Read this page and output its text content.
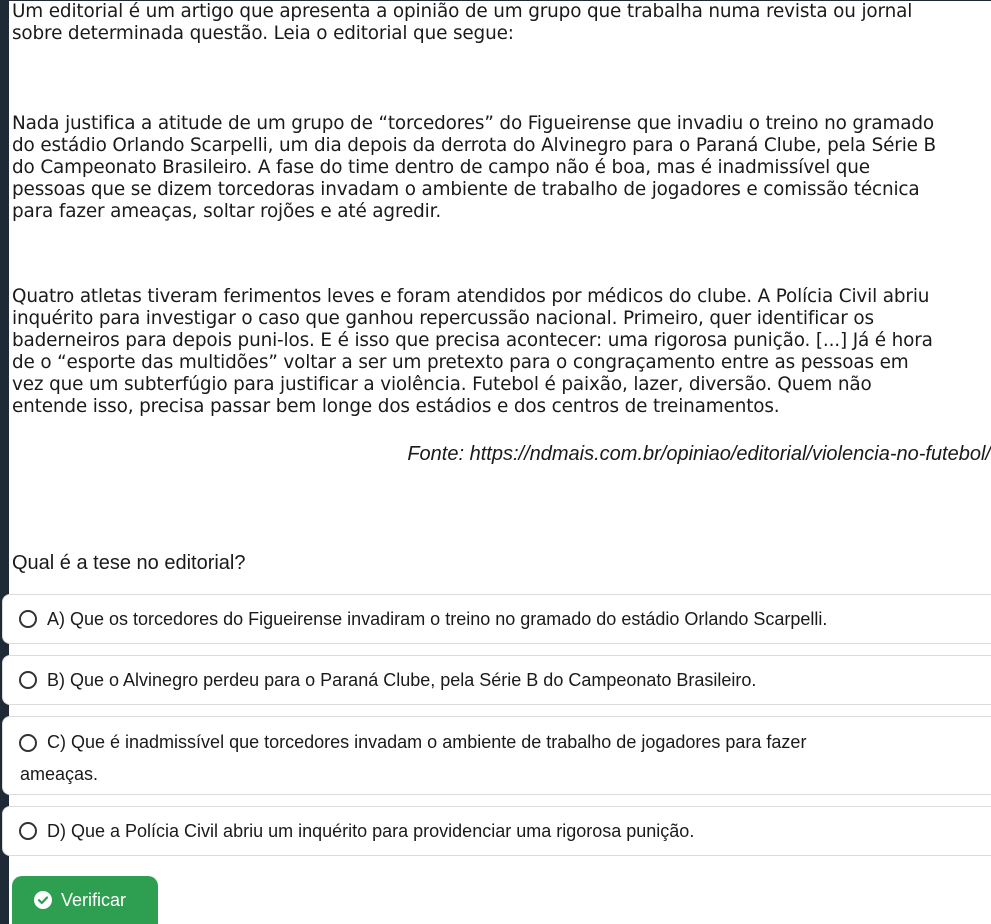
Um editorial é um artigo que apresenta a opinião de um grupo que trabalha numa revista ou jornal
sobre determinada questão. Leia o editorial que segue:
Nada justifica a atitude de um grupo de “torcedores” do Figueirense que invadiu o treino no gramado
do estádio Orlando Scarpelli, um dia depois da derrota do Alvinegro para o Paraná Clube, pela Série B
do Campeonato Brasileiro. A fase do time dentro de campo não é boa, mas é inadmissível que
pessoas que se dizem torcedoras invadam o ambiente de trabalho de jogadores e comissão técnica
para fazer ameaças, soltar rojões e até agredir.
Quatro atletas tiveram ferimentos leves e foram atendidos por médicos do clube. A Polícia Civil abriu
inquérito para investigar o caso que ganhou repercussão nacional. Primeiro, quer identificar os
baderneiros para depois puni-los. E é isso que precisa acontecer: uma rigorosa punição. [...] Já é hora
de o “esporte das multidões” voltar a ser um pretexto para o congraçamento entre as pessoas em
vez que um subterfúgio para justificar a violência. Futebol é paixão, lazer, diversão. Quem não
entende isso, precisa passar bem longe dos estádios e dos centros de treinamentos.
Fonte: https://ndmais.com.br/opiniao/editorial/violencia-no-futebol/
Qual é a tese no editorial?
A) Que os torcedores do Figueirense invadiram o treino no gramado do estádio Orlando Scarpelli.
B) Que o Alvinegro perdeu para o Paraná Clube, pela Série B do Campeonato Brasileiro.
C) Que é inadmissível que torcedores invadam o ambiente de trabalho de jogadores para fazer
ameaças.
D) Que a Polícia Civil abriu um inquérito para providenciar uma rigorosa punição.
Verificar
